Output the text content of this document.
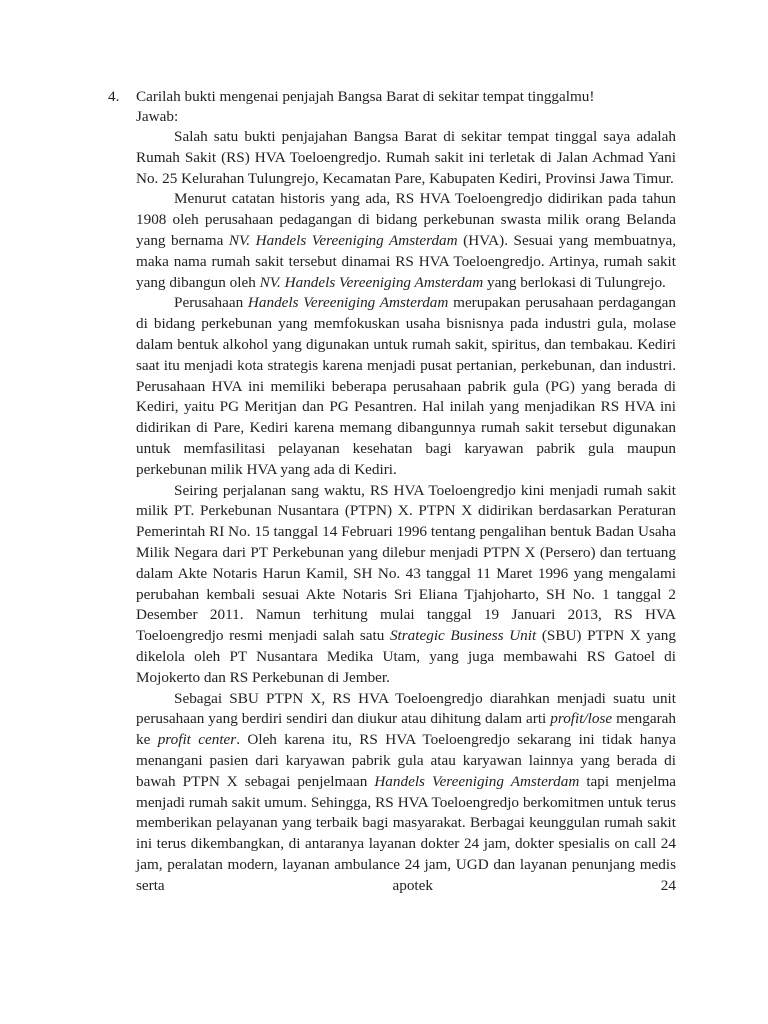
4. Carilah bukti mengenai penjajah Bangsa Barat di sekitar tempat tinggalmu!
Jawab:

Salah satu bukti penjajahan Bangsa Barat di sekitar tempat tinggal saya adalah Rumah Sakit (RS) HVA Toeloengredjo. Rumah sakit ini terletak di Jalan Achmad Yani No. 25 Kelurahan Tulungrejo, Kecamatan Pare, Kabupaten Kediri, Provinsi Jawa Timur.

Menurut catatan historis yang ada, RS HVA Toeloengredjo didirikan pada tahun 1908 oleh perusahaan pedagangan di bidang perkebunan swasta milik orang Belanda yang bernama NV. Handels Vereeniging Amsterdam (HVA). Sesuai yang membuatnya, maka nama rumah sakit tersebut dinamai RS HVA Toeloengredjo. Artinya, rumah sakit yang dibangun oleh NV. Handels Vereeniging Amsterdam yang berlokasi di Tulungrejo.

Perusahaan Handels Vereeniging Amsterdam merupakan perusahaan perdagangan di bidang perkebunan yang memfokuskan usaha bisnisnya pada industri gula, molase dalam bentuk alkohol yang digunakan untuk rumah sakit, spiritus, dan tembakau. Kediri saat itu menjadi kota strategis karena menjadi pusat pertanian, perkebunan, dan industri. Perusahaan HVA ini memiliki beberapa perusahaan pabrik gula (PG) yang berada di Kediri, yaitu PG Meritjan dan PG Pesantren. Hal inilah yang menjadikan RS HVA ini didirikan di Pare, Kediri karena memang dibangunnya rumah sakit tersebut digunakan untuk memfasilitasi pelayanan kesehatan bagi karyawan pabrik gula maupun perkebunan milik HVA yang ada di Kediri.

Seiring perjalanan sang waktu, RS HVA Toeloengredjo kini menjadi rumah sakit milik PT. Perkebunan Nusantara (PTPN) X. PTPN X didirikan berdasarkan Peraturan Pemerintah RI No. 15 tanggal 14 Februari 1996 tentang pengalihan bentuk Badan Usaha Milik Negara dari PT Perkebunan yang dilebur menjadi PTPN X (Persero) dan tertuang dalam Akte Notaris Harun Kamil, SH No. 43 tanggal 11 Maret 1996 yang mengalami perubahan kembali sesuai Akte Notaris Sri Eliana Tjahjoharto, SH No. 1 tanggal 2 Desember 2011. Namun terhitung mulai tanggal 19 Januari 2013, RS HVA Toeloengredjo resmi menjadi salah satu Strategic Business Unit (SBU) PTPN X yang dikelola oleh PT Nusantara Medika Utam, yang juga membawahi RS Gatoel di Mojokerto dan RS Perkebunan di Jember.

Sebagai SBU PTPN X, RS HVA Toeloengredjo diarahkan menjadi suatu unit perusahaan yang berdiri sendiri dan diukur atau dihitung dalam arti profit/lose mengarah ke profit center. Oleh karena itu, RS HVA Toeloengredjo sekarang ini tidak hanya menangani pasien dari karyawan pabrik gula atau karyawan lainnya yang berada di bawah PTPN X sebagai penjelmaan Handels Vereeniging Amsterdam tapi menjelma menjadi rumah sakit umum. Sehingga, RS HVA Toeloengredjo berkomitmen untuk terus memberikan pelayanan yang terbaik bagi masyarakat. Berbagai keunggulan rumah sakit ini terus dikembangkan, di antaranya layanan dokter 24 jam, dokter spesialis on call 24 jam, peralatan modern, layanan ambulance 24 jam, UGD dan layanan penunjang medis serta apotek 24
